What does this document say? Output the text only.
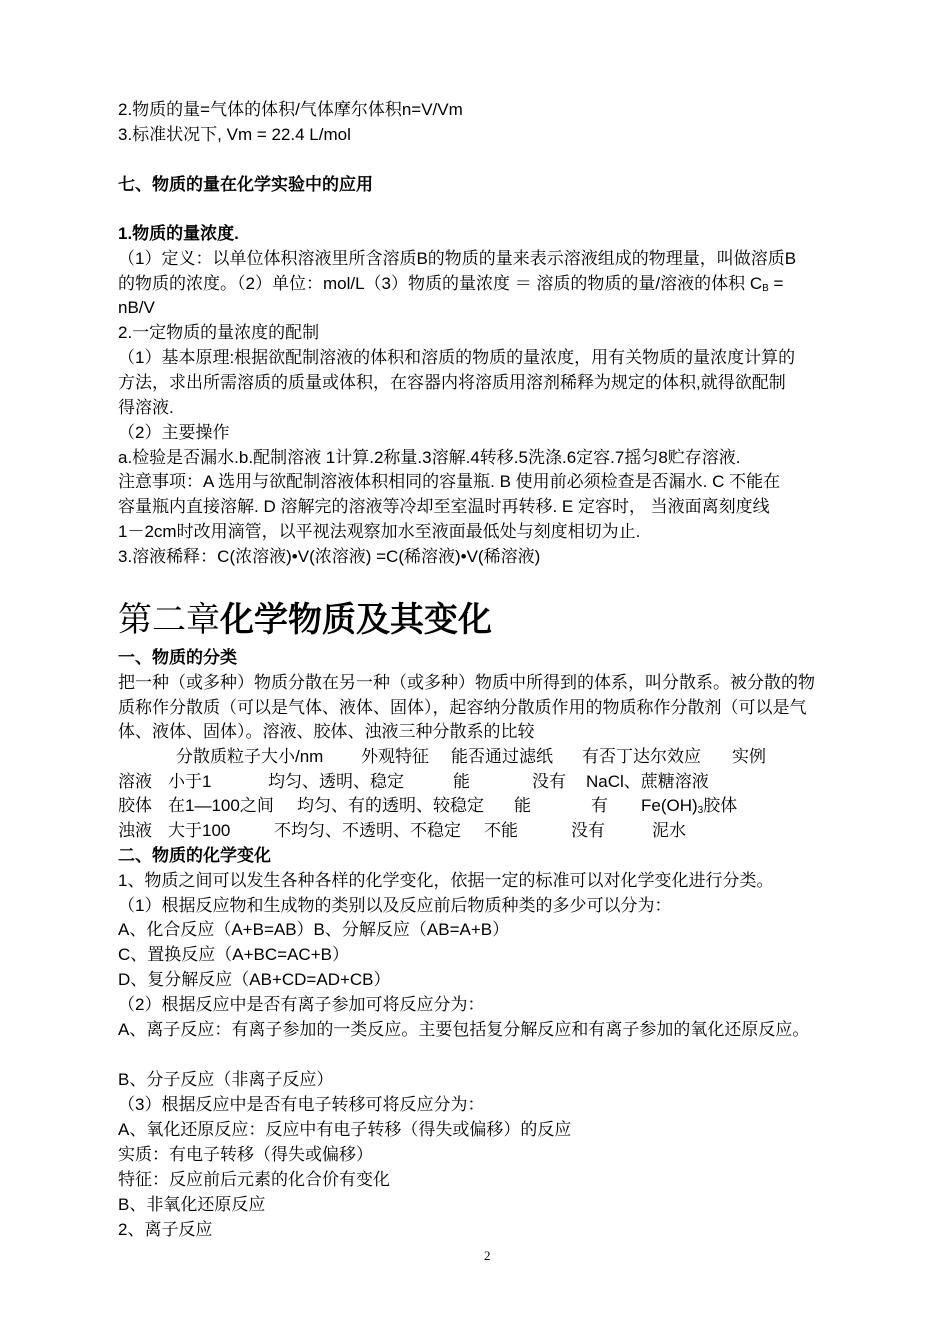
2.物质的量=气体的体积/气体摩尔体积n=V/Vm
3.标准状况下, Vm = 22.4 L/mol
七、物质的量在化学实验中的应用
1.物质的量浓度.
（1）定义：以单位体积溶液里所含溶质B的物质的量来表示溶液组成的物理量，叫做溶质B
的物质的浓度。（2）单位：mol/L（3）物质的量浓度 ＝ 溶质的物质的量/溶液的体积 $C_B$ =
nB/V
2.一定物质的量浓度的配制
（1）基本原理:根据欲配制溶液的体积和溶质的物质的量浓度，用有关物质的量浓度计算的
方法，求出所需溶质的质量或体积，在容器内将溶质用溶剂稀释为规定的体积,就得欲配制
得溶液.
（2）主要操作
a.检验是否漏水.b.配制溶液 1计算.2称量.3溶解.4转移.5洗涤.6定容.7摇匀8贮存溶液.
注意事项：A 选用与欲配制溶液体积相同的容量瓶. B 使用前必须检查是否漏水. C 不能在
容量瓶内直接溶解. D 溶解完的溶液等冷却至室温时再转移. E 定容时， 当液面离刻度线
1－2cm时改用滴管，以平视法观察加水至液面最低处与刻度相切为止.
3.溶液稀释：C(浓溶液)•V(浓溶液) =C(稀溶液)•V(稀溶液)
第二章化学物质及其变化
一、物质的分类
把一种（或多种）物质分散在另一种（或多种）物质中所得到的体系，叫分散系。被分散的物
质称作分散质（可以是气体、液体、固体），起容纳分散质作用的物质称作分散剂（可以是气
体、液体、固体）。溶液、胶体、浊液三种分散系的比较
分散质粒子大小/nm 外观特征 能否通过滤纸 有否丁达尔效应 实例
溶液 小于1	均匀、透明、稳定	能	没有 NaCl、蔗糖溶液
胶体 在1—100之间 均匀、有的透明、较稳定 能	有 $Fe(OH)_3$胶体
浊液 大于100	不均匀、不透明、不稳定 不能	没有	泥水
二、物质的化学变化
1、物质之间可以发生各种各样的化学变化，依据一定的标准可以对化学变化进行分类。
（1）根据反应物和生成物的类别以及反应前后物质种类的多少可以分为：
A、化合反应（A+B=AB）B、分解反应（AB=A+B）
C、置换反应（A+BC=AC+B）
D、复分解反应（AB+CD=AD+CB）
（2）根据反应中是否有离子参加可将反应分为：
A、离子反应：有离子参加的一类反应。主要包括复分解反应和有离子参加的氧化还原反应。
B、分子反应（非离子反应）
（3）根据反应中是否有电子转移可将反应分为：
A、氧化还原反应：反应中有电子转移（得失或偏移）的反应
实质：有电子转移（得失或偏移）
特征：反应前后元素的化合价有变化
B、非氧化还原反应
2、离子反应
2
